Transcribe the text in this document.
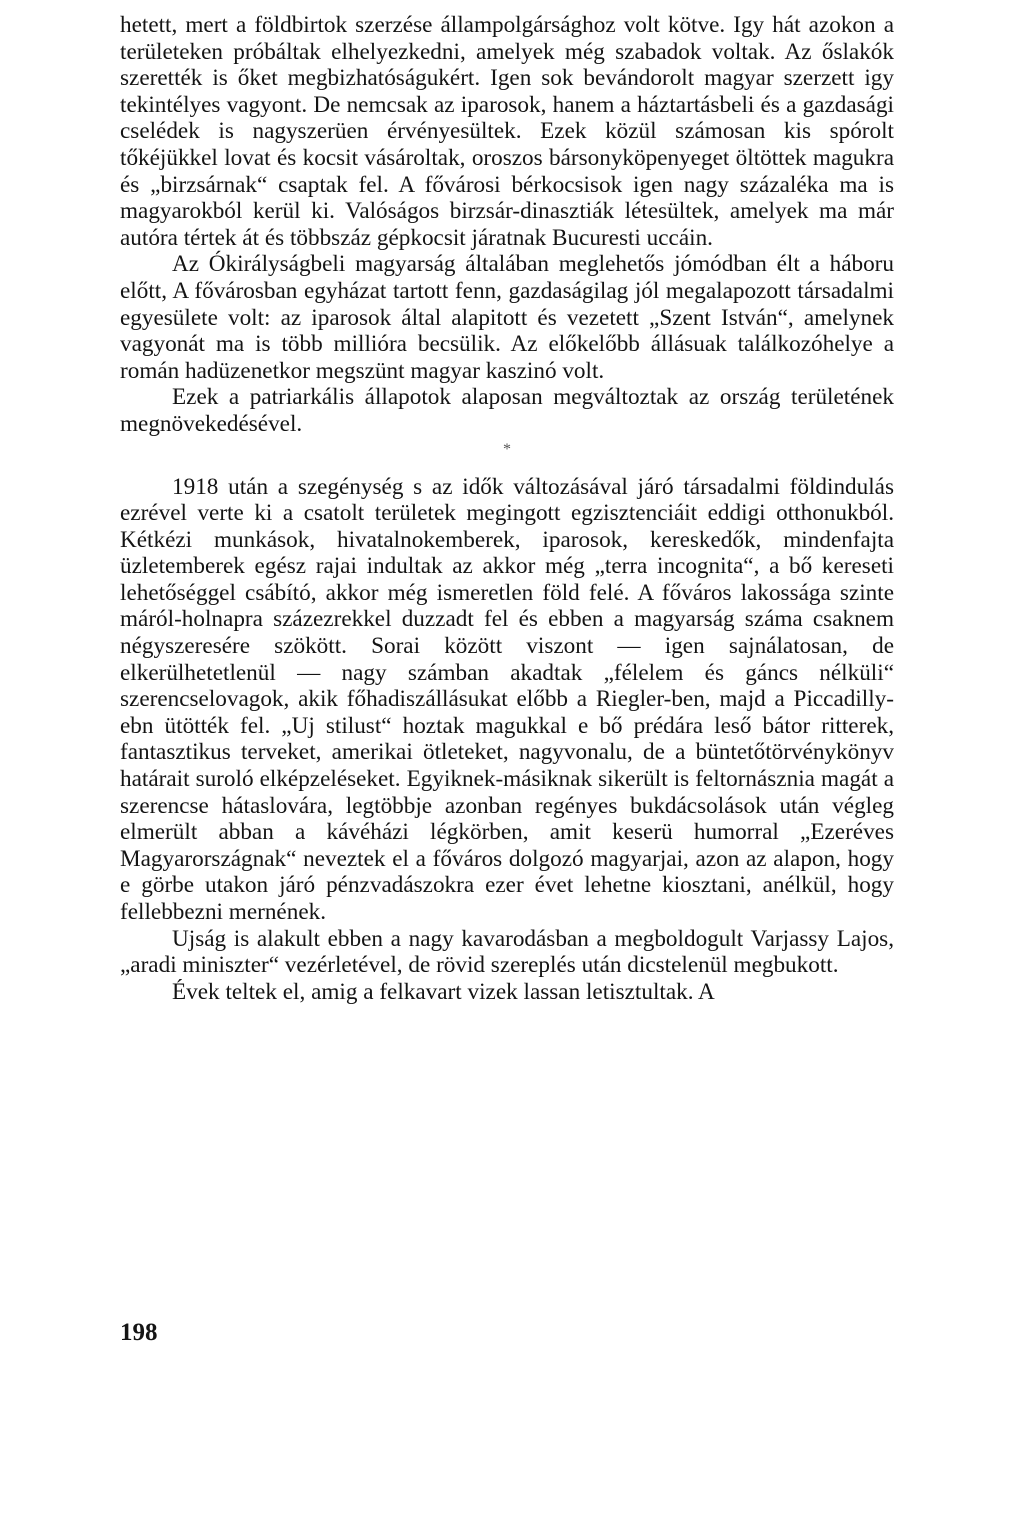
hetett, mert a földbirtok szerzése állampolgársághoz volt kötve. Igy hát azokon a területeken próbáltak elhelyezkedni, amelyek még szabadok voltak. Az őslakók szerették is őket megbizhatóságukért. Igen sok bevándorolt magyar szerzett igy tekintélyes vagyont. De nemcsak az iparosok, hanem a háztartásbeli és a gazdasági cselédek is nagyszerüen érvényesültek. Ezek közül számosan kis spórolt tőkéjükkel lovat és kocsit vásároltak, oroszos bársonyköpenyeget öltöttek magukra és „birzsárnak“ csaptak fel. A fővárosi bérkocsisok igen nagy százaléka ma is magyarokból kerül ki. Valóságos birzsár-dinasztiák létesültek, amelyek ma már autóra tértek át és többszáz gépkocsit járatnak Bucuresti uccáin.

Az Ókirályságbeli magyarság általában meglehetős jómódban élt a háboru előtt, A fővárosban egyházat tartott fenn, gazdaságilag jól megalapozott társadalmi egyesülete volt: az iparosok által alapitott és vezetett „Szent István“, amelynek vagyonát ma is több millióra becsülik. Az előkelőbb állásuak találkozóhelye a román hadüzenetkor megszünt magyar kaszinó volt.

Ezek a patriarkális állapotok alaposan megváltoztak az ország területének megnövekedésével.

*

1918 után a szegénység s az idők változásával járó társadalmi földindulás ezrével verte ki a csatolt területek megingott egzisztenciáit eddigi otthonukból. Kétkézi munkások, hivatalnokemberek, iparosok, kereskedők, mindenfajta üzletemberek egész rajai indultak az akkor még „terra incognita“, a bő kereseti lehetőséggel csábító, akkor még ismeretlen föld felé. A főváros lakossága szinte máról-holnapra százezrekkel duzzadt fel és ebben a magyarság száma csaknem négyszeresére szökött. Sorai között viszont — igen sajnálatosan, de elkerülhetetlenül — nagy számban akadtak „félelem és gáncs nélküli“ szerencselovagok, akik főhadiszállásukat előbb a Riegler-ben, majd a Piccadilly-ebn ütötték fel. „Uj stilust“ hoztak magukkal e bő prédára leső bátor ritterek, fantasztikus terveket, amerikai ötleteket, nagyvonalu, de a büntetőtörvénykönyv határait suroló elképzeléseket. Egyiknek-másiknak sikerült is feltornásznia magát a szerencse hátaslovára, legtöbbje azonban regényes bukdácsolások után végleg elmerült abban a kávéházi légkörben, amit keserü humorral „Ezeréves Magyarországnak“ neveztek el a főváros dolgozó magyarjai, azon az alapon, hogy e görbe utakon járó pénzvadászokra ezer évet lehetne kiosztani, anélkül, hogy fellebbezni mernének.

Ujság is alakult ebben a nagy kavarodásban a megboldogult Varjassy Lajos, „aradi miniszter“ vezérletével, de rövid szereplés után dicstelenül megbukott.

Évek teltek el, amig a felkavart vizek lassan letisztultak. A

198
